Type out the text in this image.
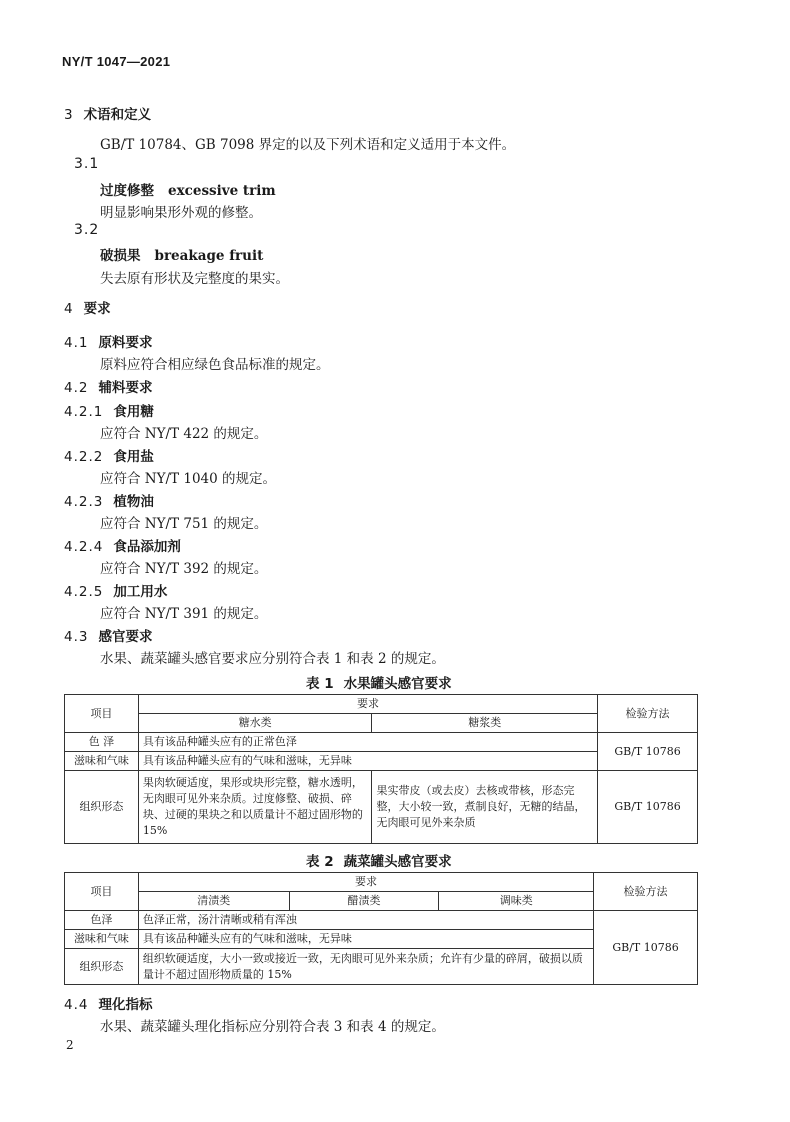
NY/T 1047—2021
3 术语和定义
GB/T 10784、GB 7098 界定的以及下列术语和定义适用于本文件。
3.1
过度修整 excessive trim
明显影响果形外观的修整。
3.2
破损果 breakage fruit
失去原有形状及完整度的果实。
4 要求
4.1 原料要求
原料应符合相应绿色食品标准的规定。
4.2 辅料要求
4.2.1 食用糖
应符合 NY/T 422 的规定。
4.2.2 食用盐
应符合 NY/T 1040 的规定。
4.2.3 植物油
应符合 NY/T 751 的规定。
4.2.4 食品添加剂
应符合 NY/T 392 的规定。
4.2.5 加工用水
应符合 NY/T 391 的规定。
4.3 感官要求
水果、蔬菜罐头感官要求应分别符合表 1 和表 2 的规定。
表 1 水果罐头感官要求
项目	要求		检验方法
	糖水类	糖浆类	
色 泽	具有该品种罐头应有的正常色泽		GB/T 10786
滋味和气味	具有该品种罐头应有的气味和滋味，无异味		
组织形态	果肉软硬适度，果形或块形完整，糖水透明，无肉眼可见外来杂质。过度修整、破损、碎块、过硬的果块之和以质量计不超过固形物的 15%	果实带皮（或去皮）去核或带核，形态完整，大小较一致，煮制良好，无糖的结晶，无肉眼可见外来杂质	GB/T 10786
表 2 蔬菜罐头感官要求
项目	要求			检验方法
	清渍类	醋渍类	调味类	
色泽	色泽正常，汤汁清晰或稍有浑浊			GB/T 10786
滋味和气味	具有该品种罐头应有的气味和滋味，无异味			
组织形态	组织软硬适度，大小一致或接近一致，无肉眼可见外来杂质；允许有少量的碎屑，破损以质量计不超过固形物质量的 15%			
4.4 理化指标
水果、蔬菜罐头理化指标应分别符合表 3 和表 4 的规定。
2
